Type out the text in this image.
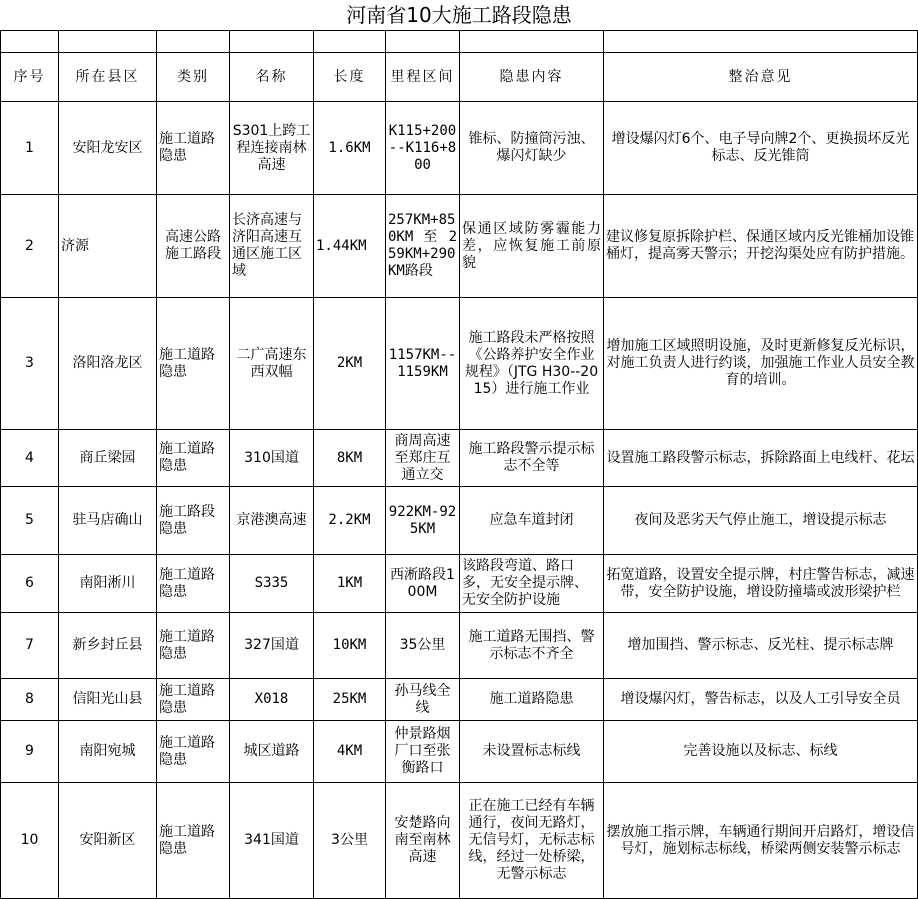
河南省10大施工路段隐患

序号	所在县区	类别	名称	长度	里程区间	隐患内容	整治意见
1	安阳龙安区	施工道路隐患	S301上跨工程连接南林高速	1.6KM	K115+200--K116+800	锥标、防撞筒污浊、爆闪灯缺少	增设爆闪灯6个、电子导向牌2个、更换损坏反光标志、反光锥筒
2	济源	高速公路施工路段	长济高速与济阳高速互通区施工区域	1.44KM	257KM+850KM 至 259KM+290KM路段	保通区域防雾霾能力差，应恢复施工前原貌	建议修复原拆除护栏、保通区域内反光锥桶加设锥桶灯，提高雾天警示；开挖沟渠处应有防护措施。
3	洛阳洛龙区	施工道路隐患	二广高速东西双幅	2KM	1157KM--1159KM	施工路段未严格按照《公路养护安全作业规程》（JTG H30--2015）进行施工作业	增加施工区域照明设施，及时更新修复反光标识，对施工负责人进行约谈，加强施工作业人员安全教育的培训。
4	商丘梁园	施工道路隐患	310国道	8KM	商周高速至郑庄互通立交	施工路段警示提示标志不全等	设置施工路段警示标志，拆除路面上电线杆、花坛
5	驻马店确山	施工路段隐患	京港澳高速	2.2KM	922KM-925KM	应急车道封闭	夜间及恶劣天气停止施工，增设提示标志
6	南阳淅川	施工道路隐患	S335	1KM	西淅路段100M	该路段弯道、路口多，无安全提示牌、无安全防护设施	拓宽道路，设置安全提示牌，村庄警告标志，减速带，安全防护设施，增设防撞墙或波形梁护栏
7	新乡封丘县	施工道路隐患	327国道	10KM	35公里	施工道路无围挡、警示标志不齐全	增加围挡、警示标志、反光柱、提示标志牌
8	信阳光山县	施工道路隐患	X018	25KM	孙马线全线	施工道路隐患	增设爆闪灯，警告标志，以及人工引导安全员
9	南阳宛城	施工道路隐患	城区道路	4KM	仲景路烟厂口至张衡路口	未设置标志标线	完善设施以及标志、标线
10	安阳新区	施工道路隐患	341国道	3公里	安楚路向南至南林高速	正在施工已经有车辆通行，夜间无路灯，无信号灯，无标志标线，经过一处桥梁，无警示标志	摆放施工指示牌，车辆通行期间开启路灯，增设信号灯，施划标志标线，桥梁两侧安装警示标志
